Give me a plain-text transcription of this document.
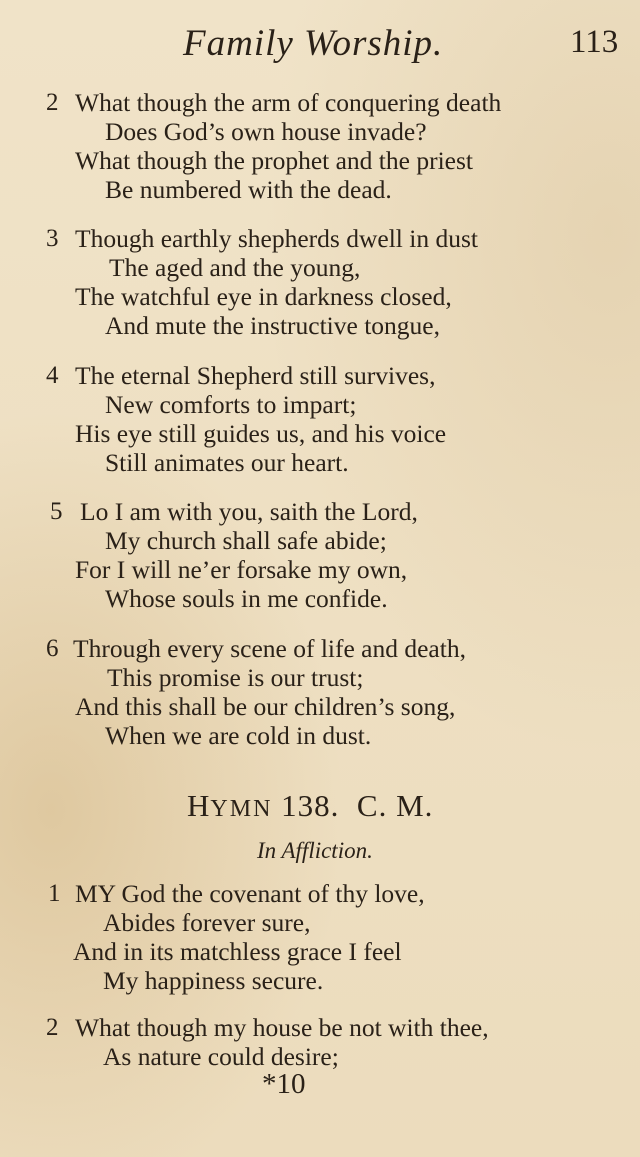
Family Worship.	113
2 What though the arm of conquering death
Does God’s own house invade?
What though the prophet and the priest
Be numbered with the dead.
3 Though earthly shepherds dwell in dust
The aged and the young,
The watchful eye in darkness closed,
And mute the instructive tongue,
4 The eternal Shepherd still survives,
New comforts to impart;
His eye still guides us, and his voice
Still animates our heart.
5 Lo I am with you, saith the Lord,
My church shall safe abide;
For I will ne’er forsake my own,
Whose souls in me confide.
6 Through every scene of life and death,
This promise is our trust;
And this shall be our children’s song,
When we are cold in dust.
HYMN 138. C. M.
In Affliction.
1 MY God the covenant of thy love,
Abides forever sure,
And in its matchless grace I feel
My happiness secure.
2 What though my house be not with thee,
As nature could desire;
*10
